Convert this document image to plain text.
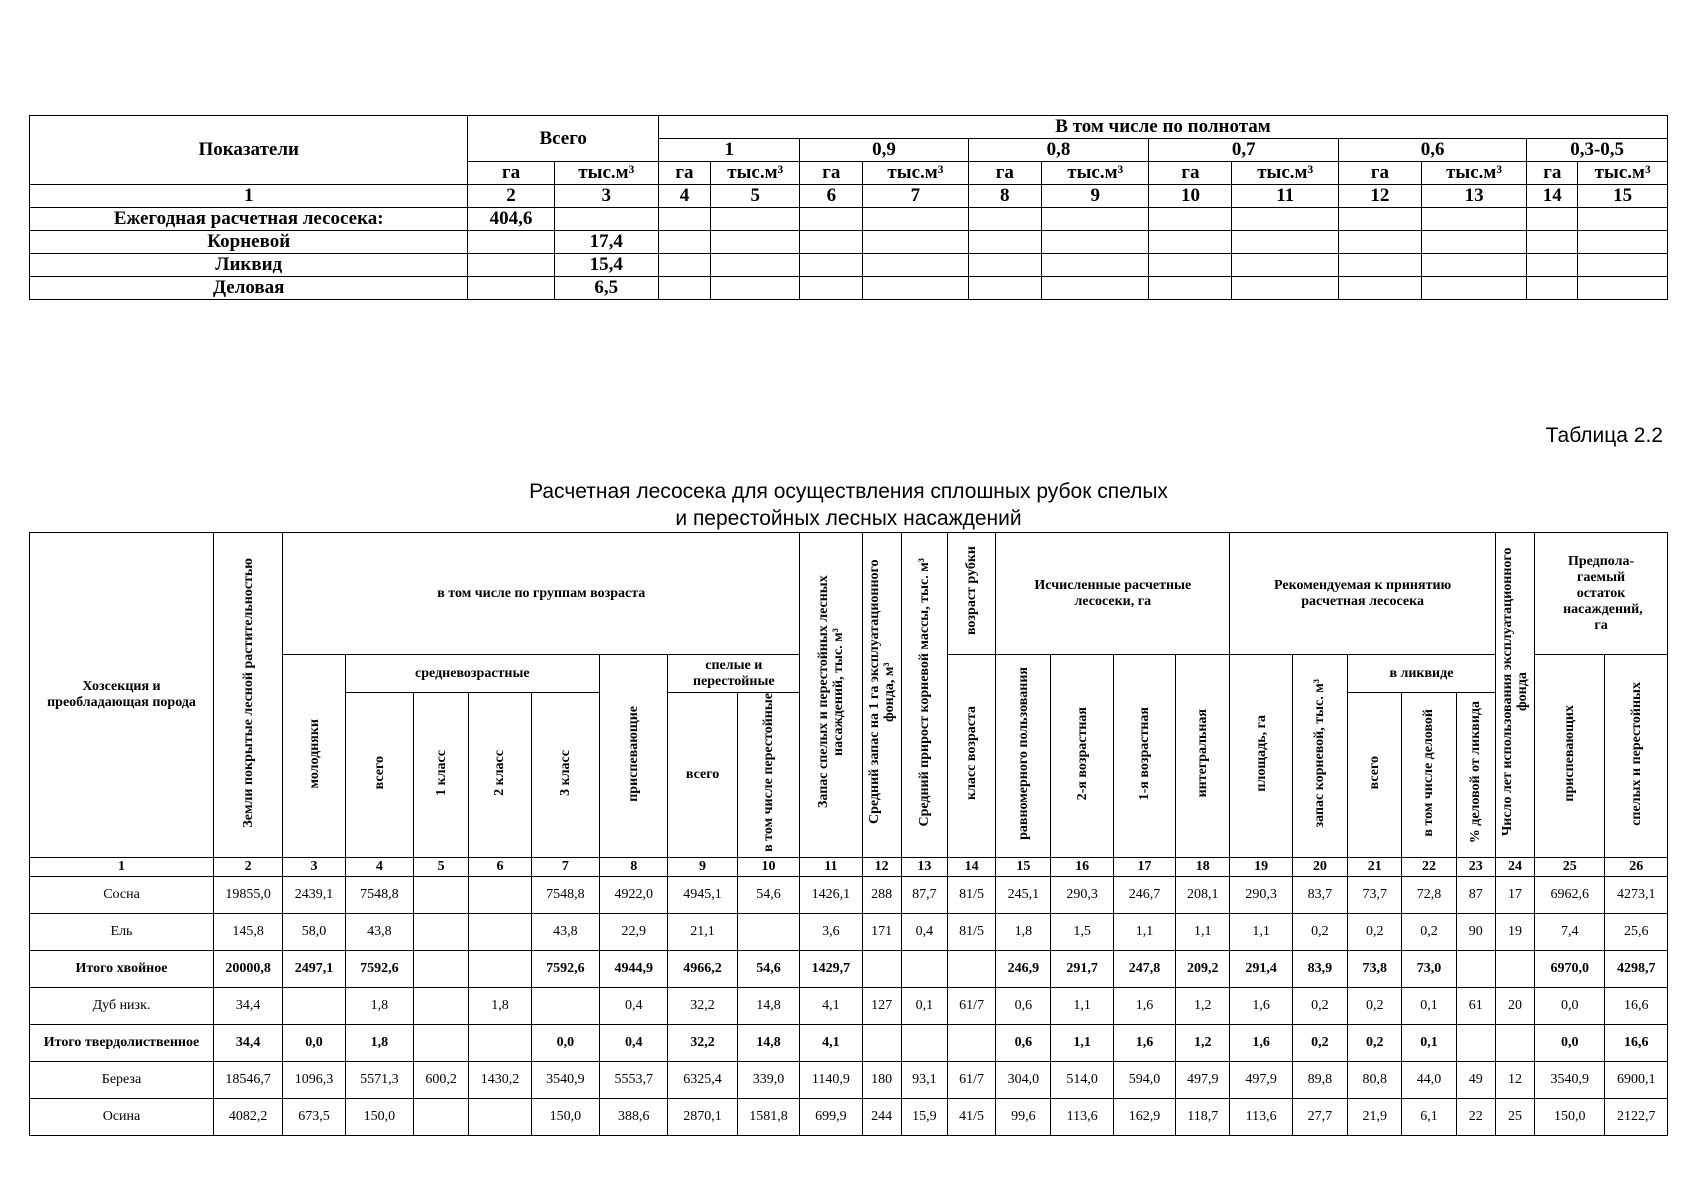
Показатели	Всего		В том числе по полнотам											
			1		0,9		0,8		0,7		0,6		0,3-0,5	
	га	тыс.м³	га	тыс.м³	га	тыс.м³	га	тыс.м³	га	тыс.м³	га	тыс.м³	га	тыс.м³
1	2	3	4	5	6	7	8	9	10	11	12	13	14	15
Ежегодная расчетная лесосека:	404,6													
Корневой		17,4												
Ликвид		15,4												
Деловая		6,5												
Таблица 2.2
Расчетная лесосека для осуществления сплошных рубок спелых
и перестойных лесных насаждений
Хозсекция и преобладающая порода	Земли покрытые лесной растительностью	в том числе по группам возраста								Запас спелых и перестойных лесных насаждений, тыс. м³	Средний запас на 1 га эксплуатационного фонда, м³	Средний прирост корневой массы, тыс. м³	возраст рубки	Исчисленные расчетные лесосеки, га				Рекомендуемая к принятию расчетная лесосека					Число лет использования эксплуатационного фонда	Предпола-гаемый остаток насаждений, га	
		молодняки	средневозрастные				приспевающие	спелые и перестойные					класс возраста	равномерного пользования	2-я возрастная	1-я возрастная	интегральная	площадь, га	запас корневой, тыс. м³	в ликвиде				приспевающих	спелых и перестойных
			всего	1 класс	2 класс	3 класс														всего	в том числе деловой	% деловой от ликвида			
								всего	в том числе перестойные																
1	2	3	4	5	6	7	8	9	10	11	12	13	14	15	16	17	18	19	20	21	22	23	24	25	26
Сосна	19855,0	2439,1	7548,8			7548,8	4922,0	4945,1	54,6	1426,1	288	87,7	81/5	245,1	290,3	246,7	208,1	290,3	83,7	73,7	72,8	87	17	6962,6	4273,1
Ель	145,8	58,0	43,8			43,8	22,9	21,1		3,6	171	0,4	81/5	1,8	1,5	1,1	1,1	1,1	0,2	0,2	0,2	90	19	7,4	25,6
Итого хвойное	20000,8	2497,1	7592,6			7592,6	4944,9	4966,2	54,6	1429,7				246,9	291,7	247,8	209,2	291,4	83,9	73,8	73,0			6970,0	4298,7
Дуб низк.	34,4		1,8		1,8		0,4	32,2	14,8	4,1	127	0,1	61/7	0,6	1,1	1,6	1,2	1,6	0,2	0,2	0,1	61	20	0,0	16,6
Итого твердолиственное	34,4	0,0	1,8			0,0	0,4	32,2	14,8	4,1				0,6	1,1	1,6	1,2	1,6	0,2	0,2	0,1			0,0	16,6
Береза	18546,7	1096,3	5571,3	600,2	1430,2	3540,9	5553,7	6325,4	339,0	1140,9	180	93,1	61/7	304,0	514,0	594,0	497,9	497,9	89,8	80,8	44,0	49	12	3540,9	6900,1
Осина	4082,2	673,5	150,0			150,0	388,6	2870,1	1581,8	699,9	244	15,9	41/5	99,6	113,6	162,9	118,7	113,6	27,7	21,9	6,1	22	25	150,0	2122,7
